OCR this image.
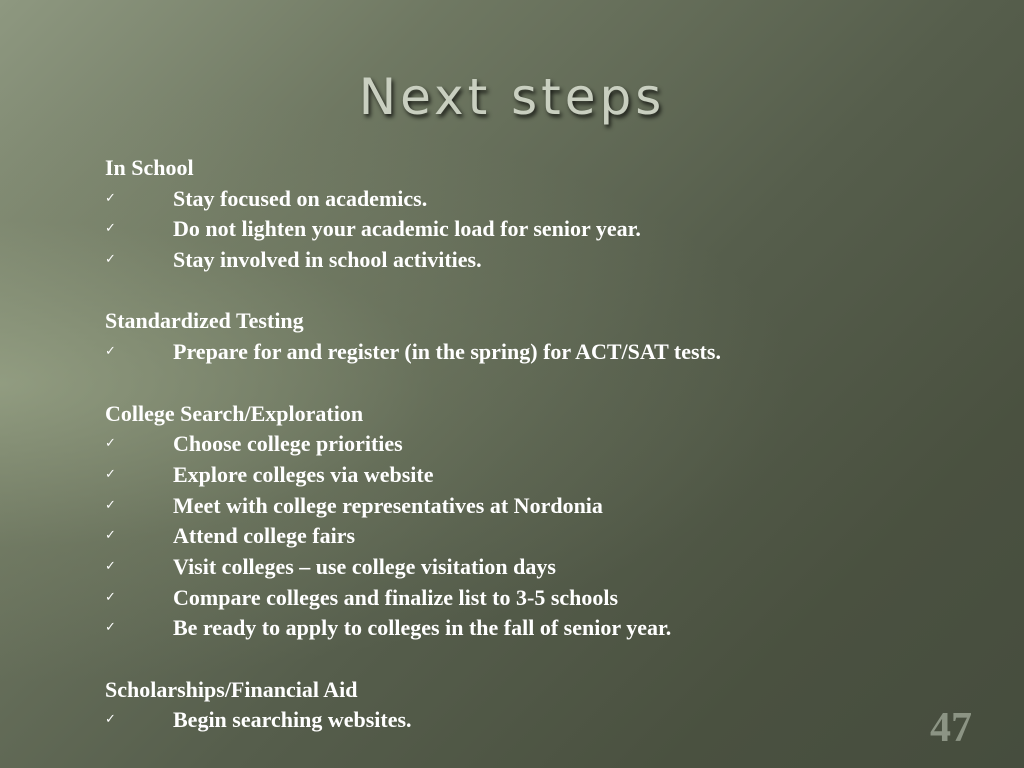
Next steps
In School
✓	Stay focused on academics.
✓	Do not lighten your academic load for senior year.
✓	Stay involved in school activities.
Standardized Testing
✓	Prepare for and register (in the spring) for ACT/SAT tests.
College Search/Exploration
✓	Choose college priorities
✓	Explore colleges via website
✓	Meet with college representatives at Nordonia
✓	Attend college fairs
✓	Visit colleges – use college visitation days
✓	Compare colleges and finalize list to 3-5 schools
✓	Be ready to apply to colleges in the fall of senior year.
Scholarships/Financial Aid
✓	Begin searching websites.	47
